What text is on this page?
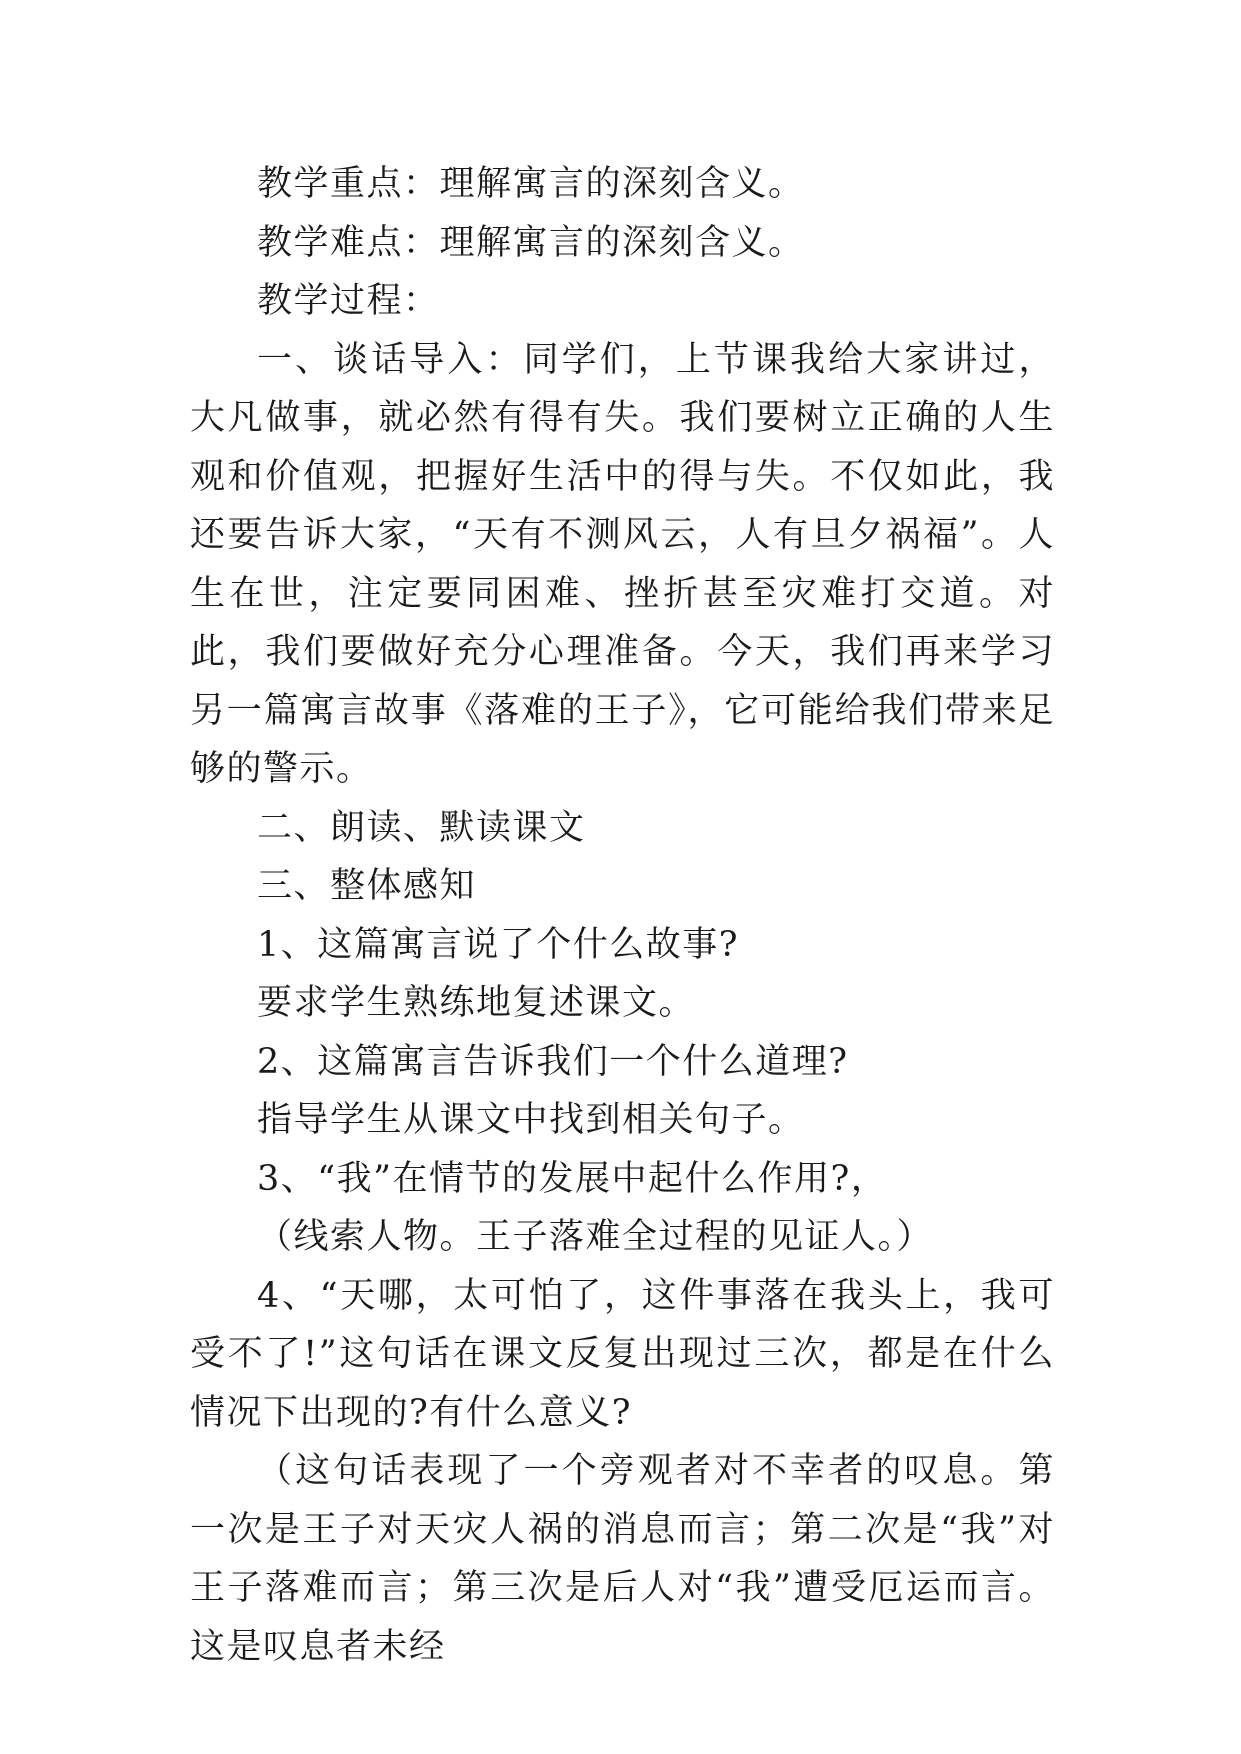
教学重点：理解寓言的深刻含义。

教学难点：理解寓言的深刻含义。

教学过程：

一、谈话导入：同学们，上节课我给大家讲过，大凡做事，就必然有得有失。我们要树立正确的人生观和价值观，把握好生活中的得与失。不仅如此，我还要告诉大家，“天有不测风云，人有旦夕祸福”。人生在世，注定要同困难、挫折甚至灾难打交道。对此，我们要做好充分心理准备。今天，我们再来学习另一篇寓言故事《落难的王子》，它可能给我们带来足够的警示。

二、朗读、默读课文

三、整体感知

1、这篇寓言说了个什么故事?

要求学生熟练地复述课文。

2、这篇寓言告诉我们一个什么道理?

指导学生从课文中找到相关句子。

3、“我”在情节的发展中起什么作用?，

（线索人物。王子落难全过程的见证人。）

4、“天哪，太可怕了，这件事落在我头上，我可受不了!”这句话在课文反复出现过三次，都是在什么情况下出现的?有什么意义?

（这句话表现了一个旁观者对不幸者的叹息。第一次是王子对天灾人祸的消息而言；第二次是“我”对王子落难而言；第三次是后人对“我”遭受厄运而言。这是叹息者未经
